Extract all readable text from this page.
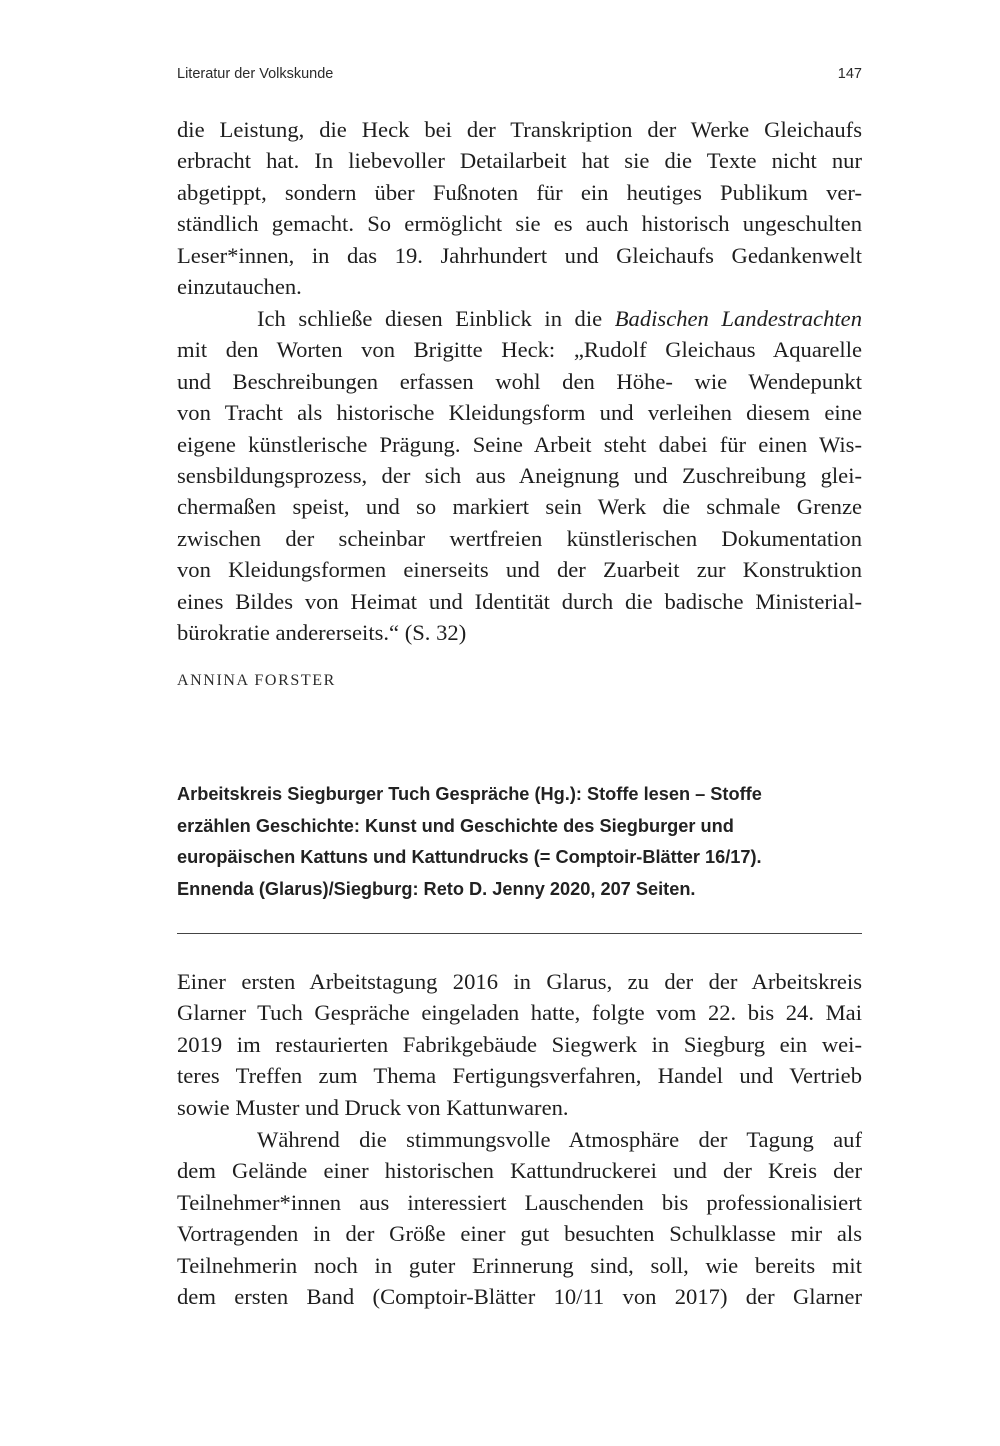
Literatur der Volkskunde	147
die Leistung, die Heck bei der Transkription der Werke Gleichaufs
erbracht hat. In liebevoller Detailarbeit hat sie die Texte nicht nur
abgetippt, sondern über Fußnoten für ein heutiges Publikum ver-
ständlich gemacht. So ermöglicht sie es auch historisch ungeschulten
Leser*innen, in das 19. Jahrhundert und Gleichaufs Gedankenwelt
einzutauchen.
Ich schließe diesen Einblick in die Badischen Landestrachten
mit den Worten von Brigitte Heck: „Rudolf Gleichaus Aquarelle
und Beschreibungen erfassen wohl den Höhe- wie Wendepunkt
von Tracht als historische Kleidungsform und verleihen diesem eine
eigene künstlerische Prägung. Seine Arbeit steht dabei für einen Wis-
sensbildungsprozess, der sich aus Aneignung und Zuschreibung glei-
chermaßen speist, und so markiert sein Werk die schmale Grenze
zwischen der scheinbar wertfreien künstlerischen Dokumentation
von Kleidungsformen einerseits und der Zuarbeit zur Konstruktion
eines Bildes von Heimat und Identität durch die badische Ministerial-
bürokratie andererseits.“ (S. 32)
ANNINA FORSTER
Arbeitskreis Siegburger Tuch Gespräche (Hg.): Stoffe lesen – Stoffe
erzählen Geschichte: Kunst und Geschichte des Siegburger und
europäischen Kattuns und Kattundrucks (= Comptoir-Blätter 16/17).
Ennenda (Glarus)/Siegburg: Reto D. Jenny 2020, 207 Seiten.
Einer ersten Arbeitstagung 2016 in Glarus, zu der der Arbeitskreis
Glarner Tuch Gespräche eingeladen hatte, folgte vom 22. bis 24. Mai
2019 im restaurierten Fabrikgebäude Siegwerk in Siegburg ein wei-
teres Treffen zum Thema Fertigungsverfahren, Handel und Vertrieb
sowie Muster und Druck von Kattunwaren.
Während die stimmungsvolle Atmosphäre der Tagung auf
dem Gelände einer historischen Kattundruckerei und der Kreis der
Teilnehmer*innen aus interessiert Lauschenden bis professionalisiert
Vortragenden in der Größe einer gut besuchten Schulklasse mir als
Teilnehmerin noch in guter Erinnerung sind, soll, wie bereits mit
dem ersten Band (Comptoir-Blätter 10/11 von 2017) der Glarner
